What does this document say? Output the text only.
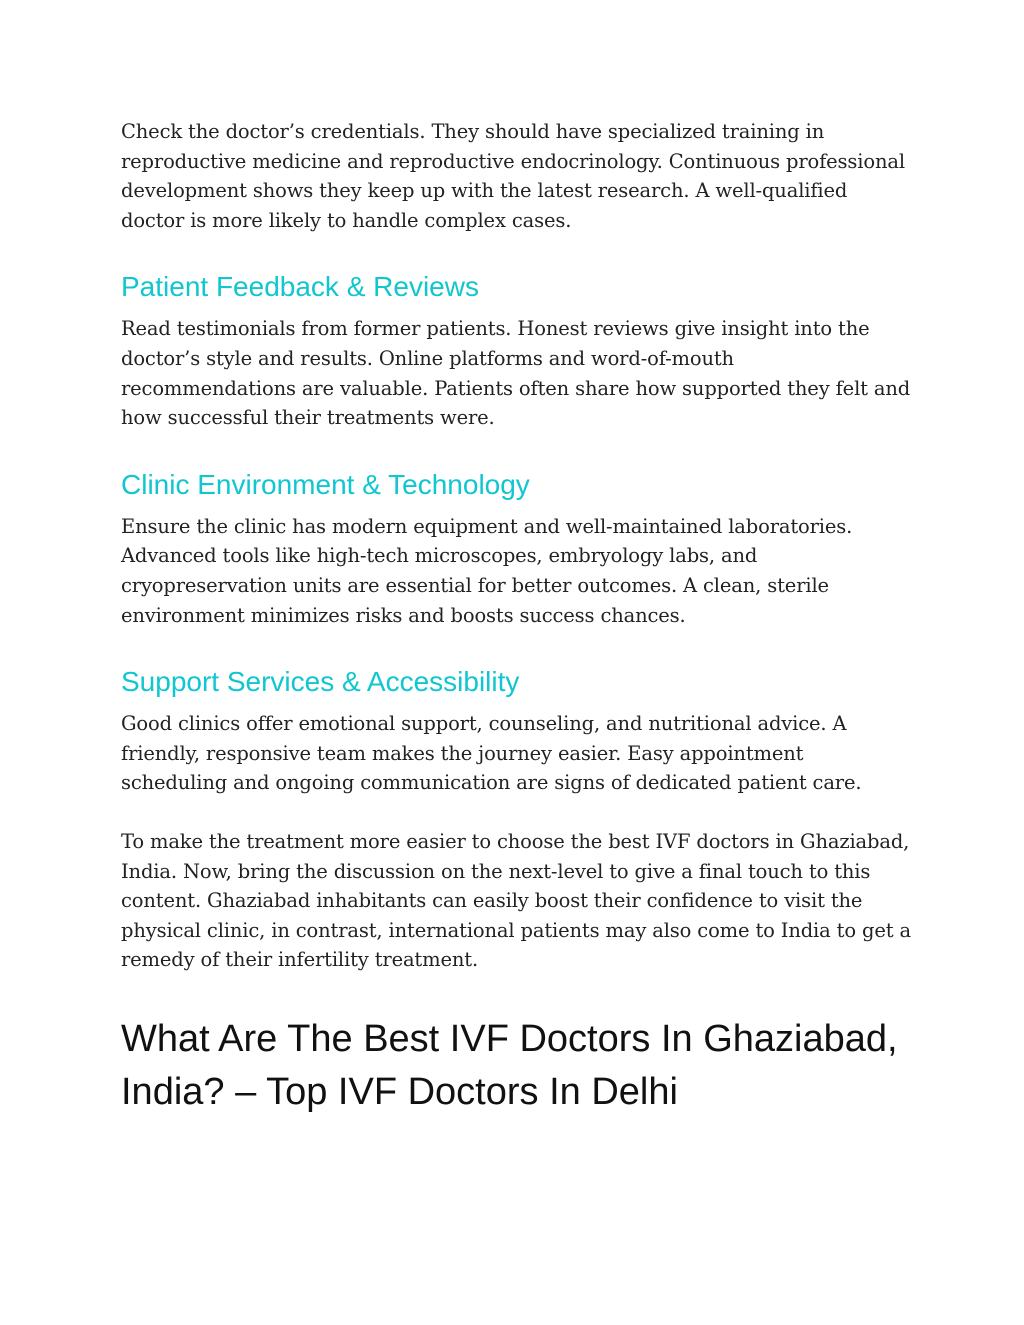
Check the doctor’s credentials. They should have specialized training in reproductive medicine and reproductive endocrinology. Continuous professional development shows they keep up with the latest research. A well-qualified doctor is more likely to handle complex cases.

Patient Feedback & Reviews

Read testimonials from former patients. Honest reviews give insight into the doctor’s style and results. Online platforms and word-of-mouth recommendations are valuable. Patients often share how supported they felt and how successful their treatments were.

Clinic Environment & Technology

Ensure the clinic has modern equipment and well-maintained laboratories. Advanced tools like high-tech microscopes, embryology labs, and cryopreservation units are essential for better outcomes. A clean, sterile environment minimizes risks and boosts success chances.

Support Services & Accessibility

Good clinics offer emotional support, counseling, and nutritional advice. A friendly, responsive team makes the journey easier. Easy appointment scheduling and ongoing communication are signs of dedicated patient care.

To make the treatment more easier to choose the best IVF doctors in Ghaziabad, India. Now, bring the discussion on the next-level to give a final touch to this content. Ghaziabad inhabitants can easily boost their confidence to visit the physical clinic, in contrast, international patients may also come to India to get a remedy of their infertility treatment.

What Are The Best IVF Doctors In Ghaziabad, India? – Top IVF Doctors In Delhi
